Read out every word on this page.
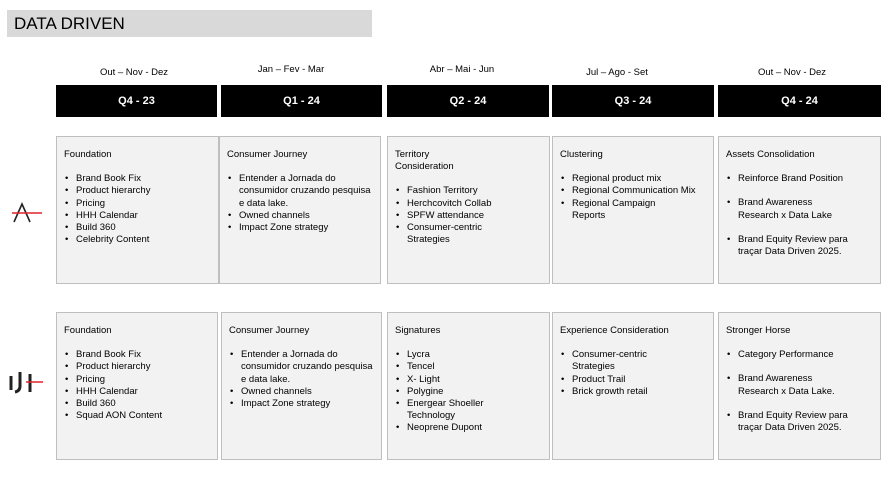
DATA DRIVEN
Out – Nov - Dez	Jan – Fev - Mar	Abr – Mai - Jun	Jul – Ago - Set	Out – Nov - Dez
Q4 - 23	Q1 - 24	Q2 - 24	Q3 - 24	Q4 - 24
Foundation
• Brand Book Fix
• Product hierarchy
• Pricing
• HHH Calendar
• Build 360
• Celebrity Content
Consumer Journey
• Entender a Jornada do consumidor cruzando pesquisa e data lake.
• Owned channels
• Impact Zone strategy
Territory Consideration
• Fashion Territory
• Herchcovitch Collab
• SPFW attendance
• Consumer-centric Strategies
Clustering
• Regional product mix
• Regional Communication Mix
• Regional Campaign Reports
Assets Consolidation
• Reinforce Brand Position
• Brand Awareness Research x Data Lake
• Brand Equity Review para traçar Data Driven 2025.
Foundation
• Brand Book Fix
• Product hierarchy
• Pricing
• HHH Calendar
• Build 360
• Squad AON Content
Consumer Journey
• Entender a Jornada do consumidor cruzando pesquisa e data lake.
• Owned channels
• Impact Zone strategy
Signatures
• Lycra
• Tencel
• X- Light
• Polygine
• Energear Shoeller Technology
• Neoprene Dupont
Experience Consideration
• Consumer-centric Strategies
• Product Trail
• Brick growth retail
Stronger Horse
• Category Performance
• Brand Awareness Research x Data Lake.
• Brand Equity Review para traçar Data Driven 2025.
